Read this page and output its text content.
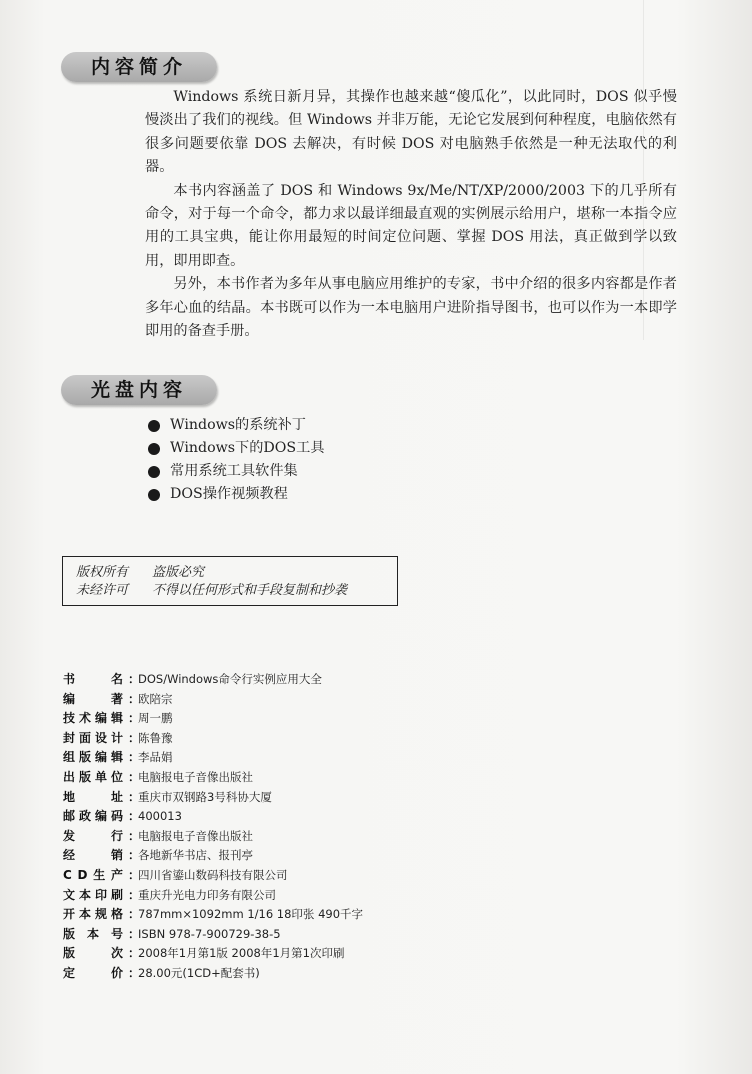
内容简介

Windows 系统日新月异，其操作也越来越“傻瓜化”，以此同时，DOS 似乎慢慢淡出了我们的视线。但 Windows 并非万能，无论它发展到何种程度，电脑依然有很多问题要依靠 DOS 去解决，有时候 DOS 对电脑熟手依然是一种无法取代的利器。

本书内容涵盖了 DOS 和 Windows 9x/Me/NT/XP/2000/2003 下的几乎所有命令，对于每一个命令，都力求以最详细最直观的实例展示给用户，堪称一本指令应用的工具宝典，能让你用最短的时间定位问题、掌握 DOS 用法，真正做到学以致用，即用即查。

另外，本书作者为多年从事电脑应用维护的专家，书中介绍的很多内容都是作者多年心血的结晶。本书既可以作为一本电脑用户进阶指导图书，也可以作为一本即学即用的备查手册。

光盘内容
Windows的系统补丁
Windows下的DOS工具
常用系统工具软件集
DOS操作视频教程
版权所有	盗版必究
未经许可	不得以任何形式和手段复制和抄袭
书	名 ：
DOS/Windows命令行实例应用大全
编	著 ：
欧陪宗
技 术 编 辑 ：
周一鹏
封 面 设 计 ：
陈鲁豫
组 版 编 辑 ：
李品娟
出 版 单 位 ：
电脑报电子音像出版社
地	址 ：
重庆市双钢路3号科协大厦
邮 政 编 码 ：
400013
发	行 ：
电脑报电子音像出版社
经	销 ：
各地新华书店、报刊亭
C D 生 产 ：
四川省鎏山数码科技有限公司
文 本 印 刷 ：
重庆升光电力印务有限公司
开 本 规 格 ：
787mm×1092mm 1/16 18印张 490千字
版 本 号 ：
ISBN 978-7-900729-38-5
版	次 ：
2008年1月第1版 2008年1月第1次印刷
定	价 ：
28.00元(1CD+配套书)
